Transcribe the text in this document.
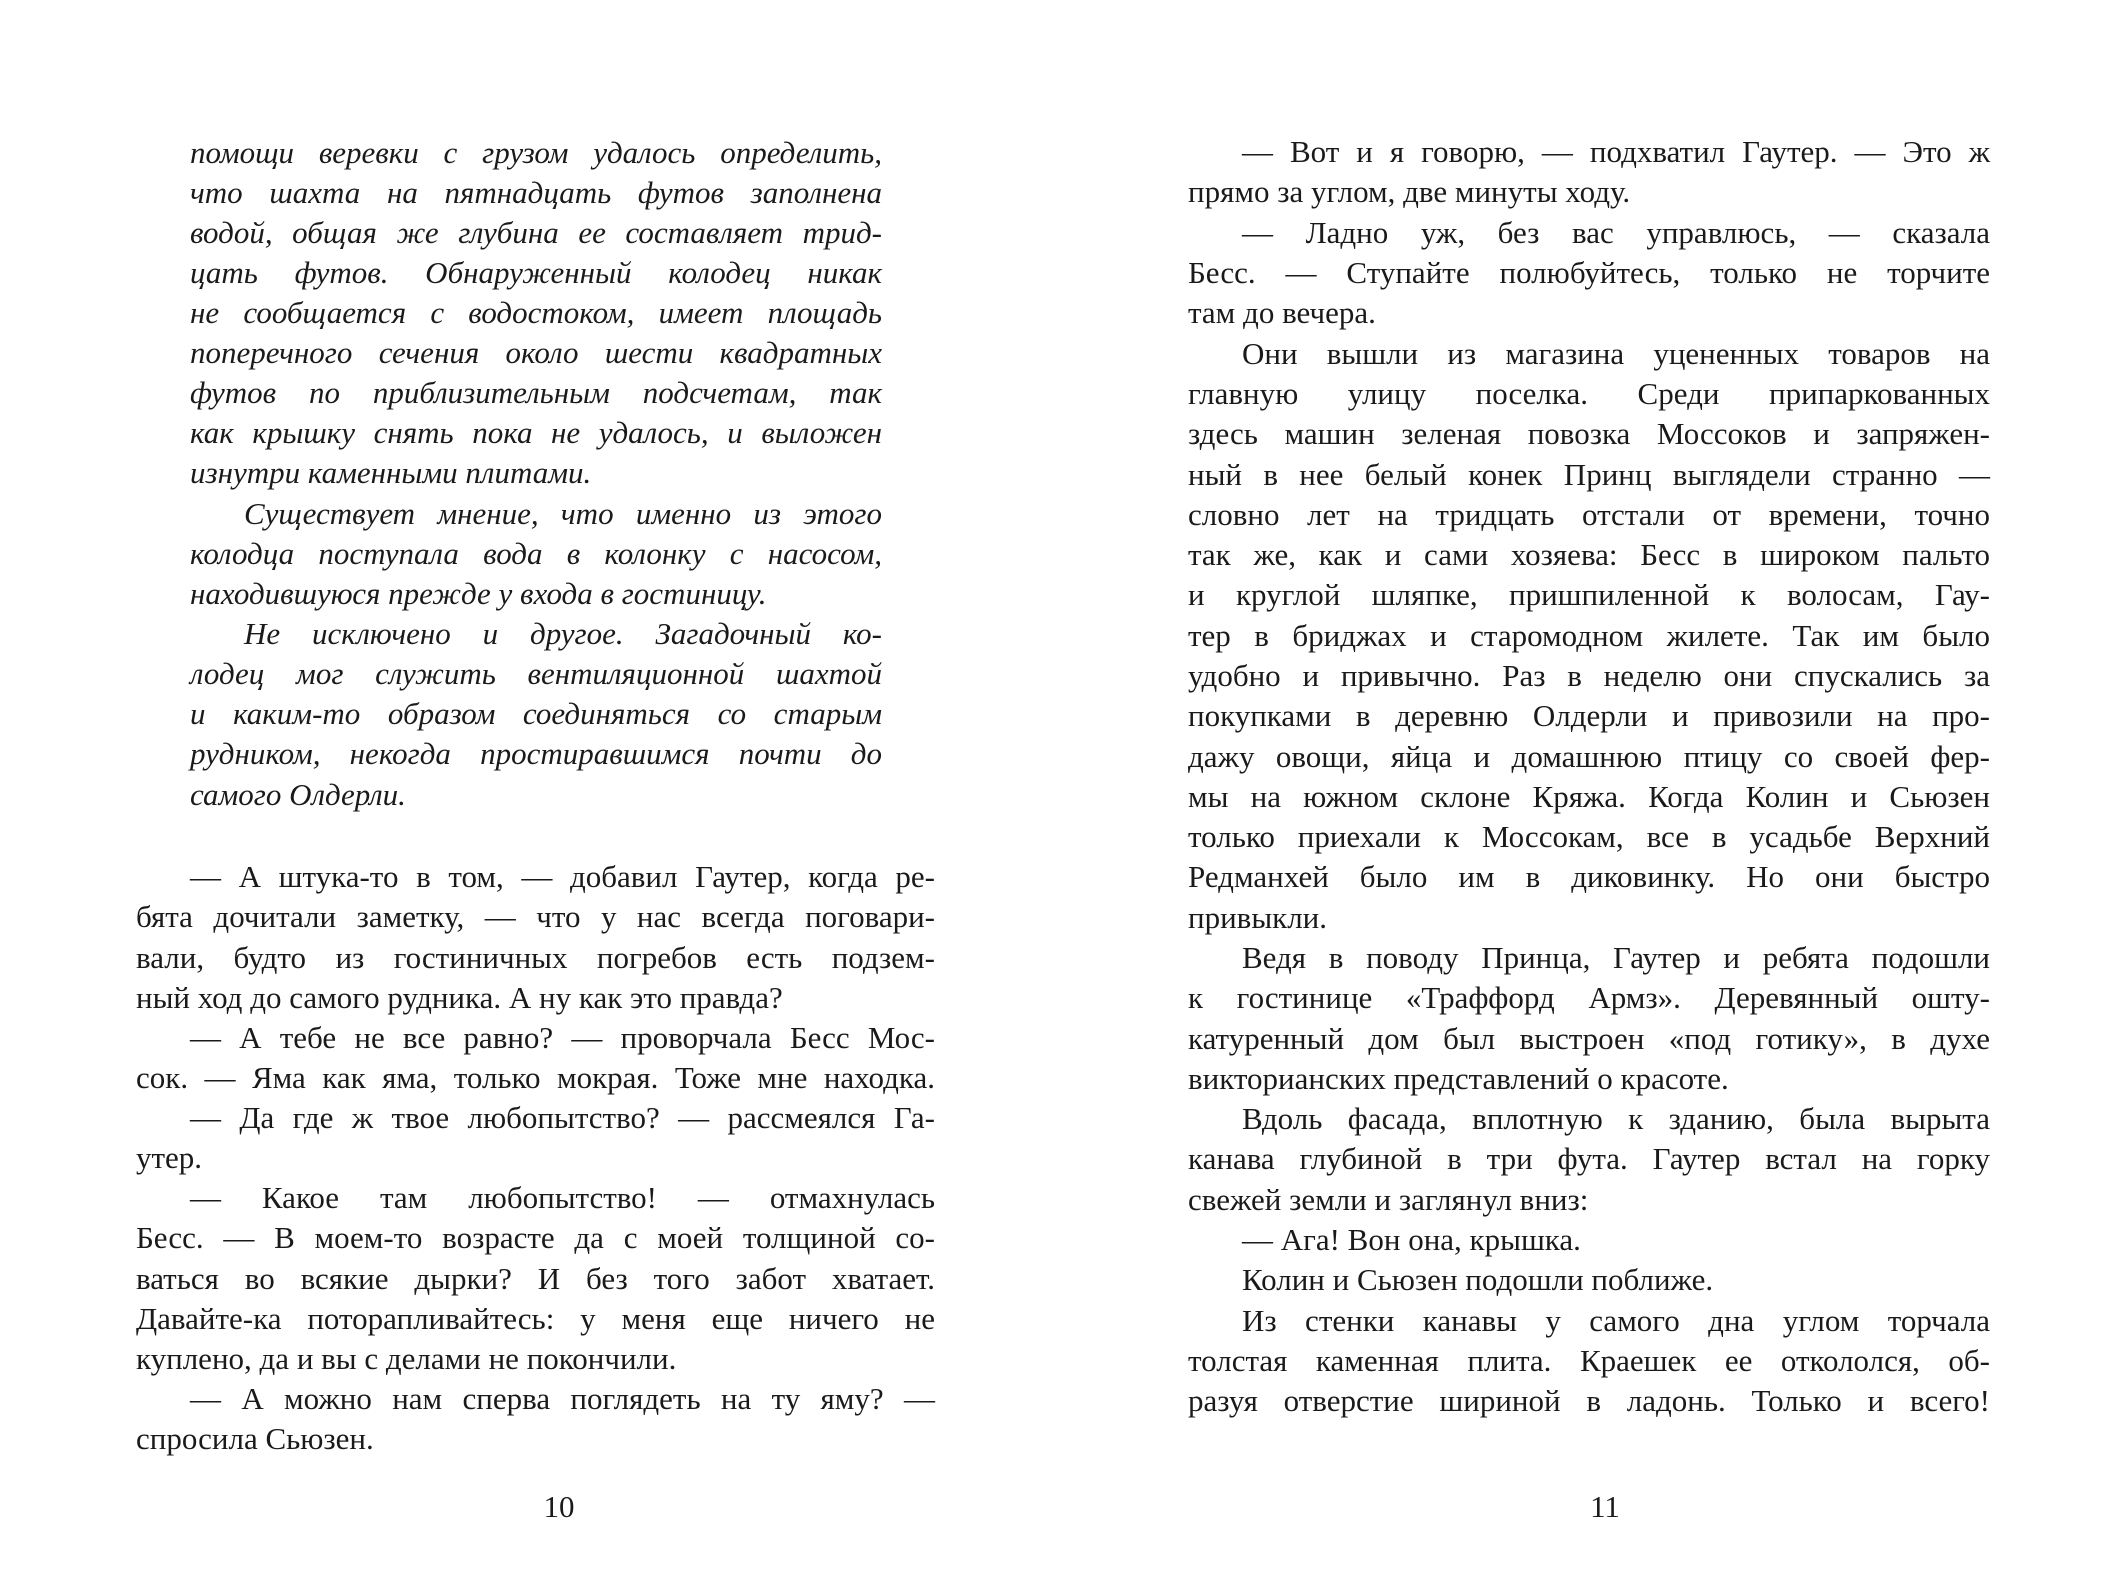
помощи веревки с грузом удалось определить,
что шахта на пятнадцать футов заполнена
водой, общая же глубина ее составляет трид-
цать футов. Обнаруженный колодец никак
не сообщается с водостоком, имеет площадь
поперечного сечения около шести квадратных
футов по приблизительным подсчетам, так
как крышку снять пока не удалось, и выложен
изнутри каменными плитами.
Существует мнение, что именно из этого
колодца поступала вода в колонку с насосом,
находившуюся прежде у входа в гостиницу.
Не исключено и другое. Загадочный ко-
лодец мог служить вентиляционной шахтой
и каким-то образом соединяться со старым
рудником, некогда простиравшимся почти до
самого Олдерли.
— А штука-то в том, — добавил Гаутер, когда ре-
бята дочитали заметку, — что у нас всегда поговари-
вали, будто из гостиничных погребов есть подзем-
ный ход до самого рудника. А ну как это правда?
— А тебе не все равно? — проворчала Бесс Мос-
сок. — Яма как яма, только мокрая. Тоже мне находка.
— Да где ж твое любопытство? — рассмеялся Га-
утер.
— Какое там любопытство! — отмахнулась
Бесс. — В моем-то возрасте да с моей толщиной со-
ваться во всякие дырки? И без того забот хватает.
Давайте-ка поторапливайтесь: у меня еще ничего не
куплено, да и вы с делами не покончили.
— А можно нам сперва поглядеть на ту яму? —
спросила Сьюзен.
10
— Вот и я говорю, — подхватил Гаутер. — Это ж
прямо за углом, две минуты ходу.
— Ладно уж, без вас управлюсь, — сказала
Бесс. — Ступайте полюбуйтесь, только не торчите
там до вечера.
Они вышли из магазина уцененных товаров на
главную улицу поселка. Среди припаркованных
здесь машин зеленая повозка Моссоков и запряжен-
ный в нее белый конек Принц выглядели странно —
словно лет на тридцать отстали от времени, точно
так же, как и сами хозяева: Бесс в широком пальто
и круглой шляпке, пришпиленной к волосам, Гау-
тер в бриджах и старомодном жилете. Так им было
удобно и привычно. Раз в неделю они спускались за
покупками в деревню Олдерли и привозили на про-
дажу овощи, яйца и домашнюю птицу со своей фер-
мы на южном склоне Кряжа. Когда Колин и Сьюзен
только приехали к Моссокам, все в усадьбе Верхний
Редманхей было им в диковинку. Но они быстро
привыкли.
Ведя в поводу Принца, Гаутер и ребята подошли
к гостинице «Траффорд Армз». Деревянный ошту-
катуренный дом был выстроен «под готику», в духе
викторианских представлений о красоте.
Вдоль фасада, вплотную к зданию, была вырыта
канава глубиной в три фута. Гаутер встал на горку
свежей земли и заглянул вниз:
— Ага! Вон она, крышка.
Колин и Сьюзен подошли поближе.
Из стенки канавы у самого дна углом торчала
толстая каменная плита. Краешек ее откололся, об-
разуя отверстие шириной в ладонь. Только и всего!
11
